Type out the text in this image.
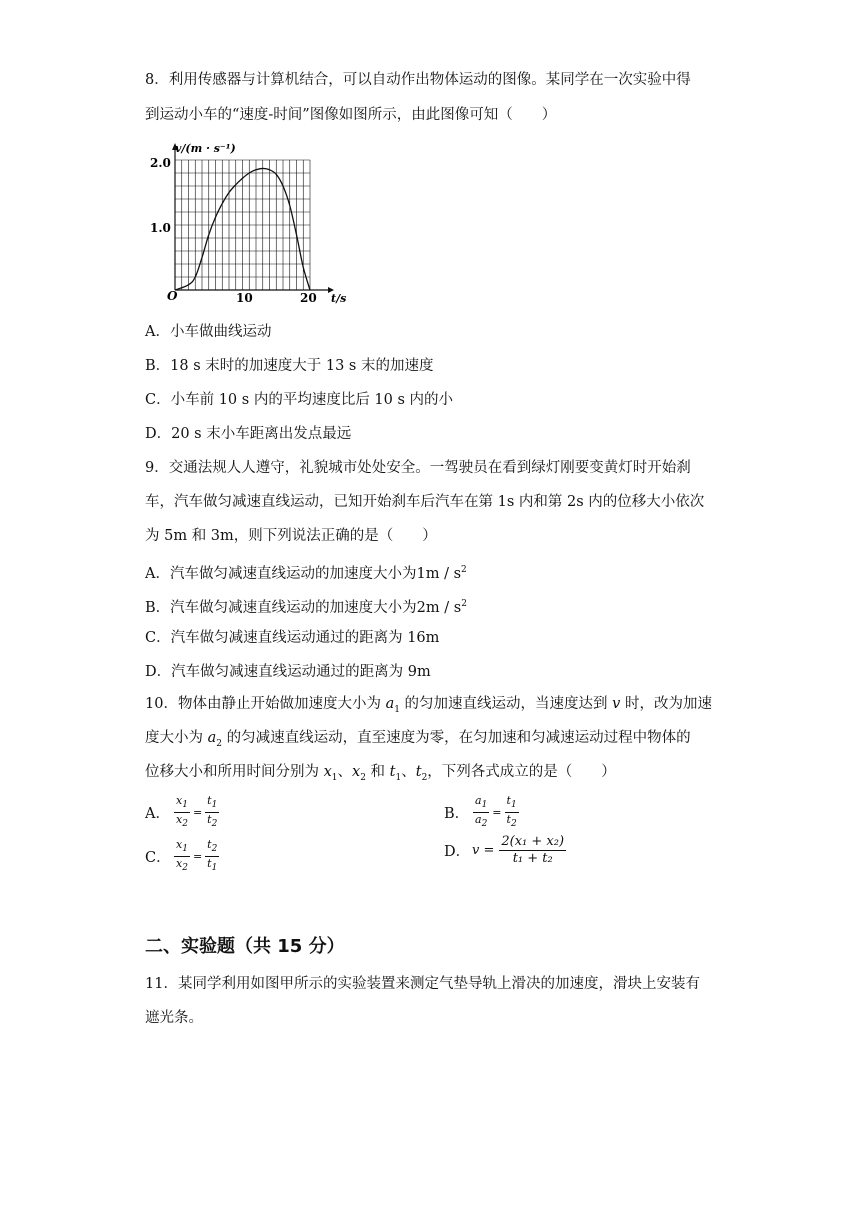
8．利用传感器与计算机结合，可以自动作出物体运动的图像。某同学在一次实验中得
到运动小车的“速度-时间”图像如图所示，由此图像可知（　　）
v/(m · s⁻¹)
t/s
O	10	20
1.0
2.0
A．小车做曲线运动
B．18 s 末时的加速度大于 13 s 末的加速度
C．小车前 10 s 内的平均速度比后 10 s 内的小
D．20 s 末小车距离出发点最远
9．交通法规人人遵守，礼貌城市处处安全。一驾驶员在看到绿灯刚要变黄灯时开始刹
车，汽车做匀减速直线运动，已知开始刹车后汽车在第 1s 内和第 2s 内的位移大小依次
为 5m 和 3m，则下列说法正确的是（　　）
A．汽车做匀减速直线运动的加速度大小为$1m / s^2$
B．汽车做匀减速直线运动的加速度大小为$2m / s^2$
C．汽车做匀减速直线运动通过的距离为 16m
D．汽车做匀减速直线运动通过的距离为 9m
10．物体由静止开始做加速度大小为 $a_1$ 的匀加速直线运动，当速度达到 v 时，改为加速
度大小为 $a_2$ 的匀减速直线运动，直至速度为零，在匀加速和匀减速运动过程中物体的
位移大小和所用时间分别为 $x_1$、$x_2$ 和 $t_1$、$t_2$，下列各式成立的是（　　）
A． $\frac{x_1}{x_2} = \frac{t_1}{t_2}$	B． $\frac{a_1}{a_2} = \frac{t_1}{t_2}$
C． $\frac{x_1}{x_2} = \frac{t_2}{t_1}$	D． $v = \frac{\text{2(x₁ + x₂)}}{\text{t₁ + t₂}}$
二、实验题（共 15 分）
11．某同学利用如图甲所示的实验装置来测定气垫导轨上滑决的加速度，滑块上安装有
遮光条。
